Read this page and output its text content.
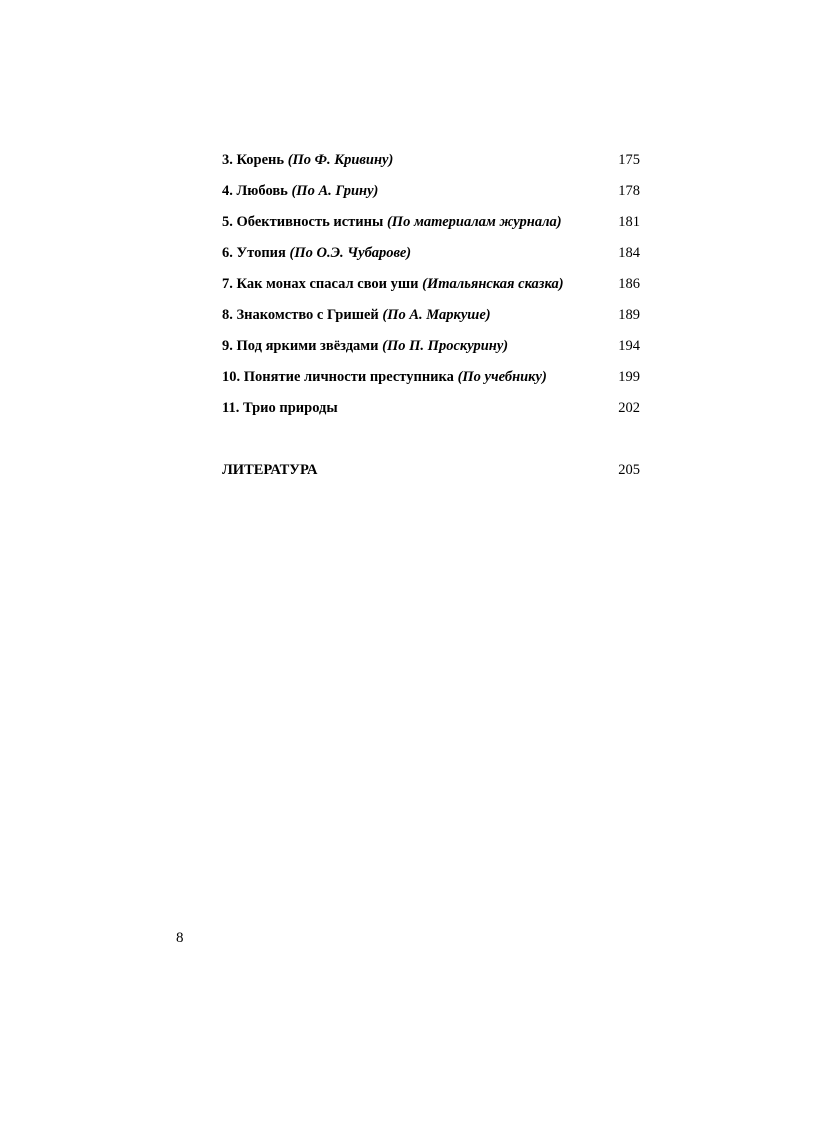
3. Корень (По Ф. Кривину)	175
4. Любовь (По А. Грину)	178
5. Обективность истины (По материалам журнала)	181
6. Утопия (По О.Э. Чубарове)	184
7. Как монах спасал свои уши (Итальянская сказка)	186
8. Знакомство с Гришей (По А. Маркуше)	189
9. Под яркими звёздами (По П. Проскурину)	194
10. Понятие личности преступника (По учебнику)	199
11. Трио природы	202
ЛИТЕРАТУРА	205
8
